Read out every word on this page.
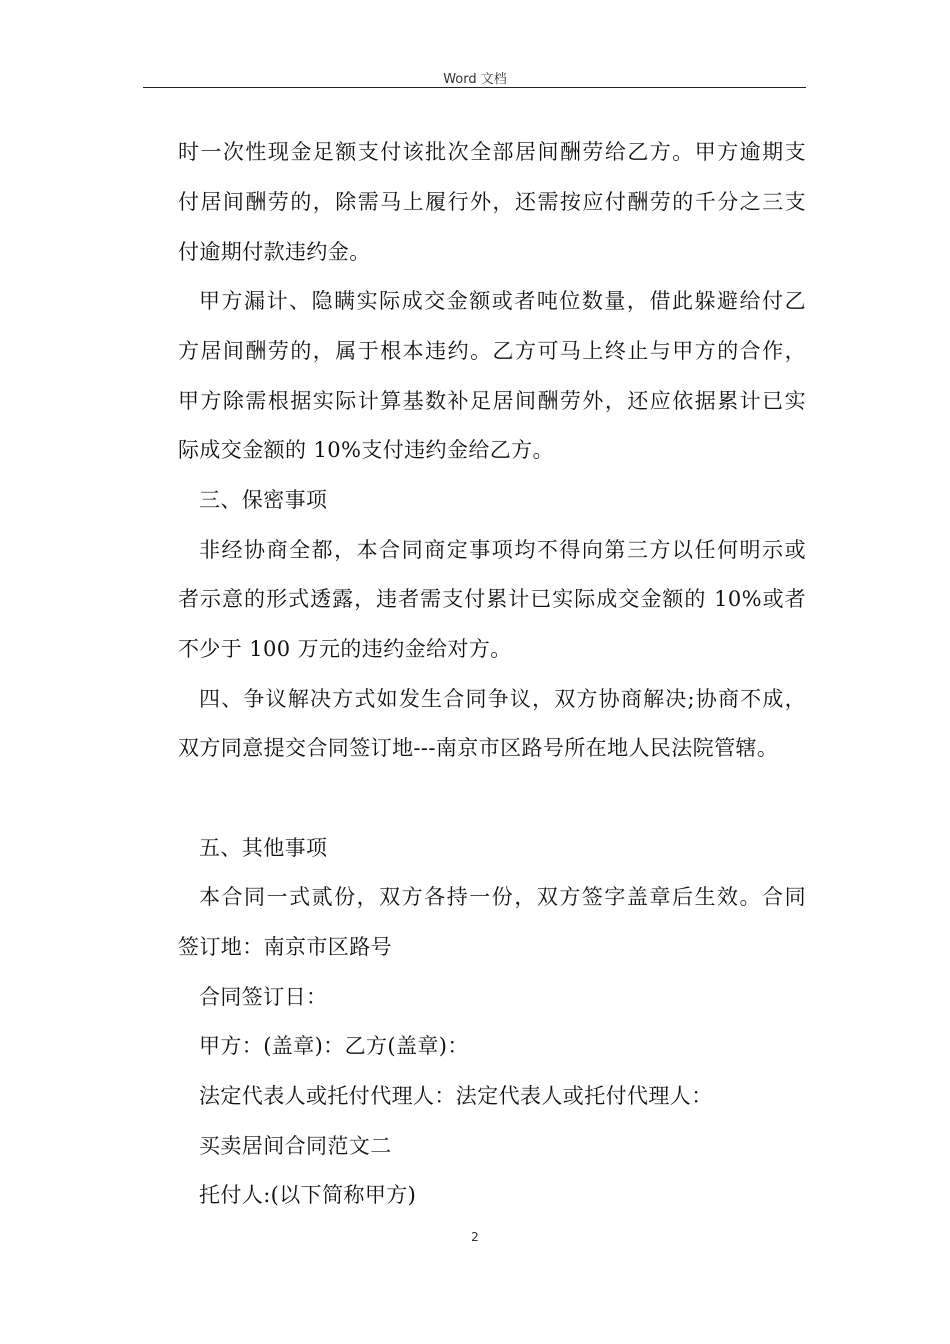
Word 文档
时一次性现金足额支付该批次全部居间酬劳给乙方。甲方逾期支
付居间酬劳的，除需马上履行外，还需按应付酬劳的千分之三支
付逾期付款违约金。
甲方漏计、隐瞒实际成交金额或者吨位数量，借此躲避给付乙
方居间酬劳的，属于根本违约。乙方可马上终止与甲方的合作，
甲方除需根据实际计算基数补足居间酬劳外，还应依据累计已实
际成交金额的 10%支付违约金给乙方。
三、保密事项
非经协商全都，本合同商定事项均不得向第三方以任何明示或
者示意的形式透露，违者需支付累计已实际成交金额的 10%或者
不少于 100 万元的违约金给对方。
四、争议解决方式如发生合同争议，双方协商解决;协商不成，
双方同意提交合同签订地---南京市区路号所在地人民法院管辖。
五、其他事项
本合同一式贰份，双方各持一份，双方签字盖章后生效。合同
签订地：南京市区路号
合同签订日：
甲方：(盖章)：乙方(盖章)：
法定代表人或托付代理人：法定代表人或托付代理人：
买卖居间合同范文二
托付人:(以下简称甲方)
2
